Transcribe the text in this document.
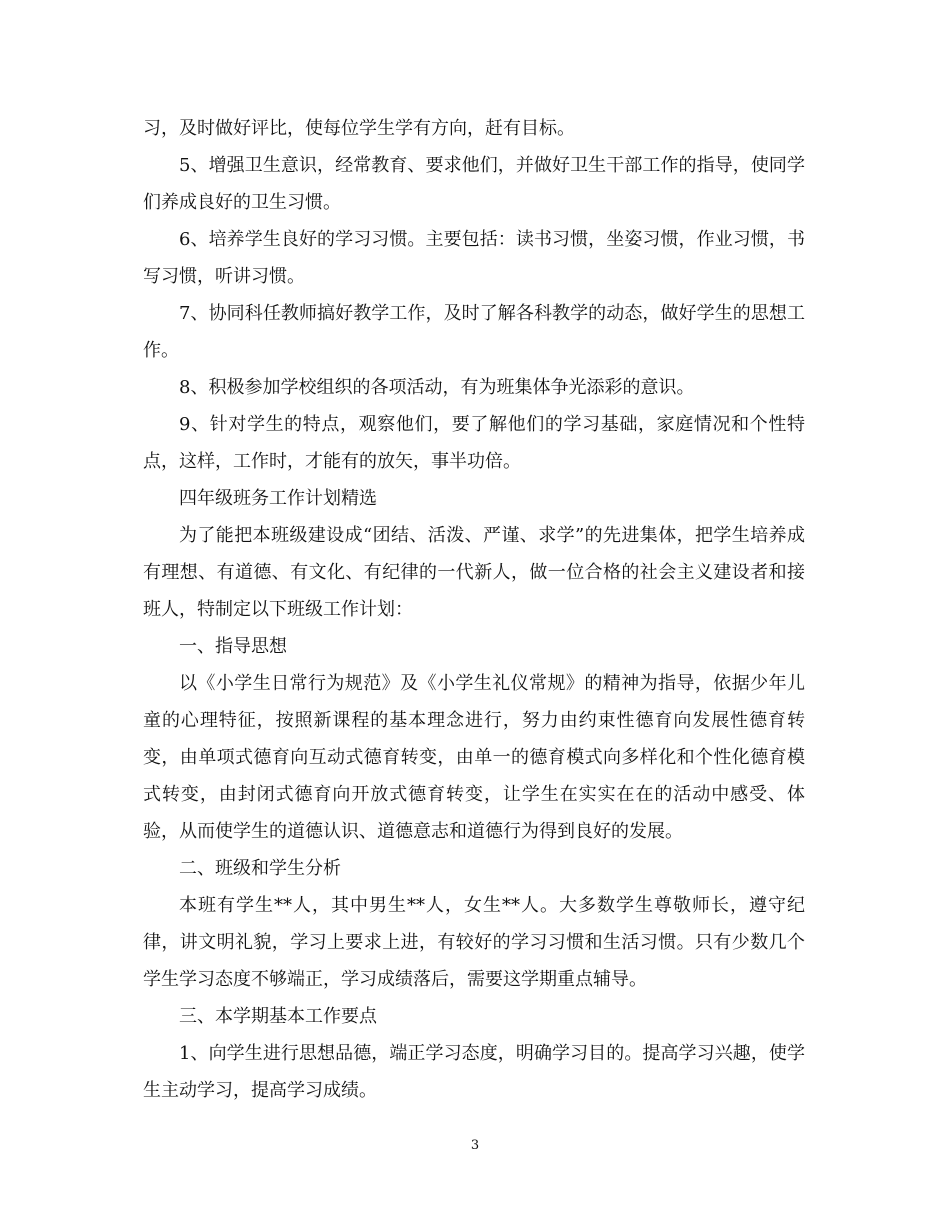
习，及时做好评比，使每位学生学有方向，赶有目标。

5、增强卫生意识，经常教育、要求他们，并做好卫生干部工作的指导，使同学们养成良好的卫生习惯。

6、培养学生良好的学习习惯。主要包括：读书习惯，坐姿习惯，作业习惯，书写习惯，听讲习惯。

7、协同科任教师搞好教学工作，及时了解各科教学的动态，做好学生的思想工作。

8、积极参加学校组织的各项活动，有为班集体争光添彩的意识。

9、针对学生的特点，观察他们，要了解他们的学习基础，家庭情况和个性特点，这样，工作时，才能有的放矢，事半功倍。

四年级班务工作计划精选

为了能把本班级建设成“团结、活泼、严谨、求学”的先进集体，把学生培养成有理想、有道德、有文化、有纪律的一代新人，做一位合格的社会主义建设者和接班人，特制定以下班级工作计划：

一、指导思想

以《小学生日常行为规范》及《小学生礼仪常规》的精神为指导，依据少年儿童的心理特征，按照新课程的基本理念进行，努力由约束性德育向发展性德育转变，由单项式德育向互动式德育转变，由单一的德育模式向多样化和个性化德育模式转变，由封闭式德育向开放式德育转变，让学生在实实在在的活动中感受、体验，从而使学生的道德认识、道德意志和道德行为得到良好的发展。

二、班级和学生分析

本班有学生**人，其中男生**人，女生**人。大多数学生尊敬师长，遵守纪律，讲文明礼貌，学习上要求上进，有较好的学习习惯和生活习惯。只有少数几个学生学习态度不够端正，学习成绩落后，需要这学期重点辅导。

三、本学期基本工作要点

1、向学生进行思想品德，端正学习态度，明确学习目的。提高学习兴趣，使学生主动学习，提高学习成绩。

3
